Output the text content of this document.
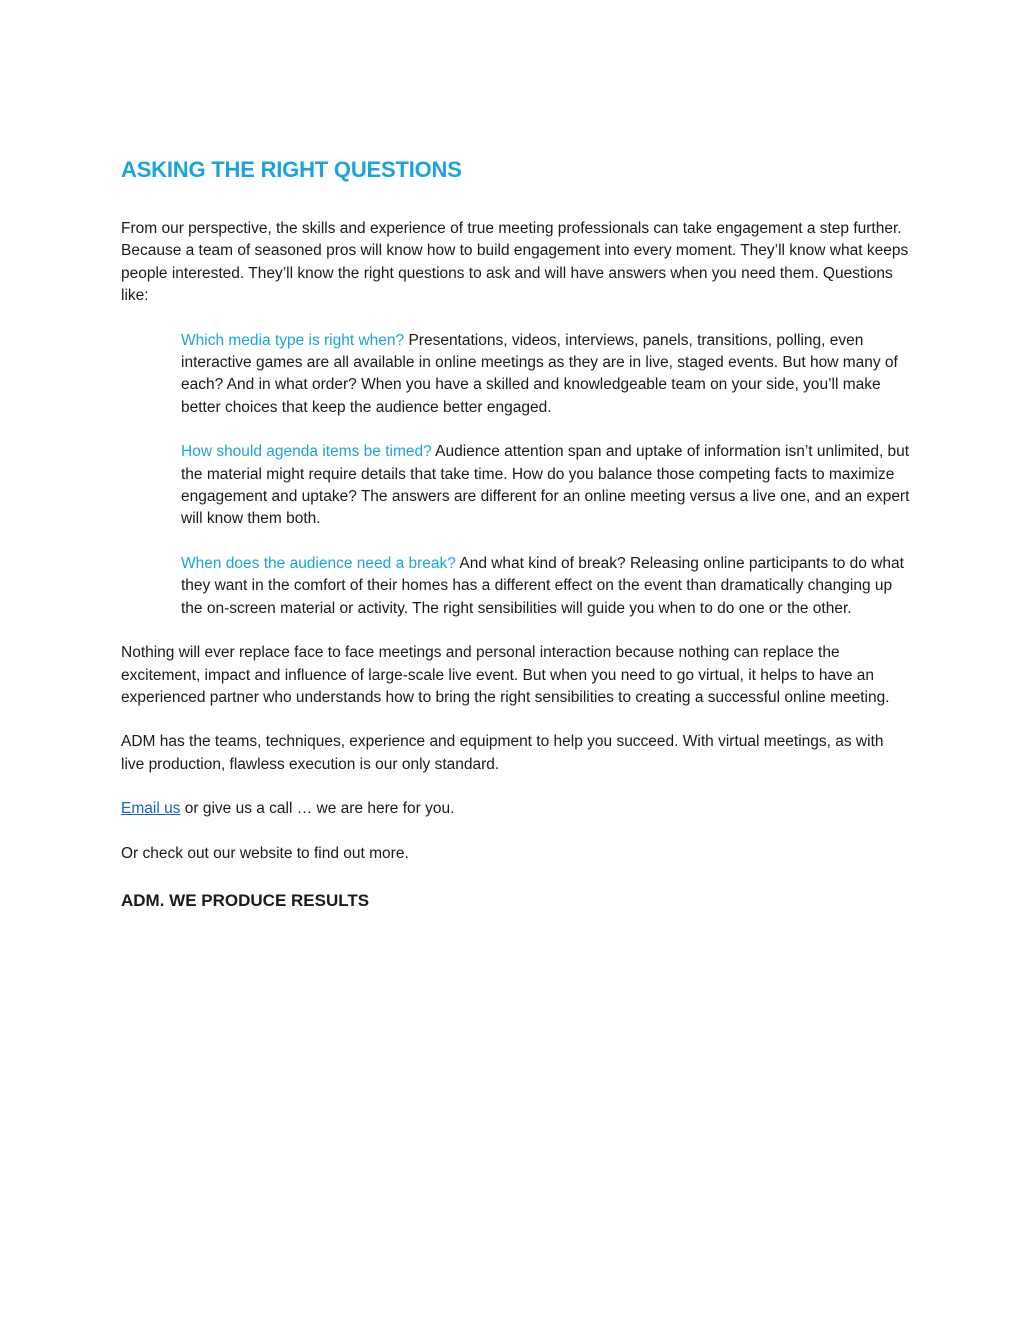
ASKING THE RIGHT QUESTIONS

From our perspective, the skills and experience of true meeting professionals can take engagement a step further. Because a team of seasoned pros will know how to build engagement into every moment. They’ll know what keeps people interested. They’ll know the right questions to ask and will have answers when you need them. Questions like:

Which media type is right when? Presentations, videos, interviews, panels, transitions, polling, even interactive games are all available in online meetings as they are in live, staged events. But how many of each? And in what order? When you have a skilled and knowledgeable team on your side, you’ll make better choices that keep the audience better engaged.

How should agenda items be timed? Audience attention span and uptake of information isn’t unlimited, but the material might require details that take time. How do you balance those competing facts to maximize engagement and uptake? The answers are different for an online meeting versus a live one, and an expert will know them both.

When does the audience need a break? And what kind of break? Releasing online participants to do what they want in the comfort of their homes has a different effect on the event than dramatically changing up the on-screen material or activity. The right sensibilities will guide you when to do one or the other.

Nothing will ever replace face to face meetings and personal interaction because nothing can replace the excitement, impact and influence of large-scale live event. But when you need to go virtual, it helps to have an experienced partner who understands how to bring the right sensibilities to creating a successful online meeting.

ADM has the teams, techniques, experience and equipment to help you succeed. With virtual meetings, as with live production, flawless execution is our only standard.

Email us or give us a call … we are here for you.

Or check out our website to find out more.

ADM. WE PRODUCE RESULTS
